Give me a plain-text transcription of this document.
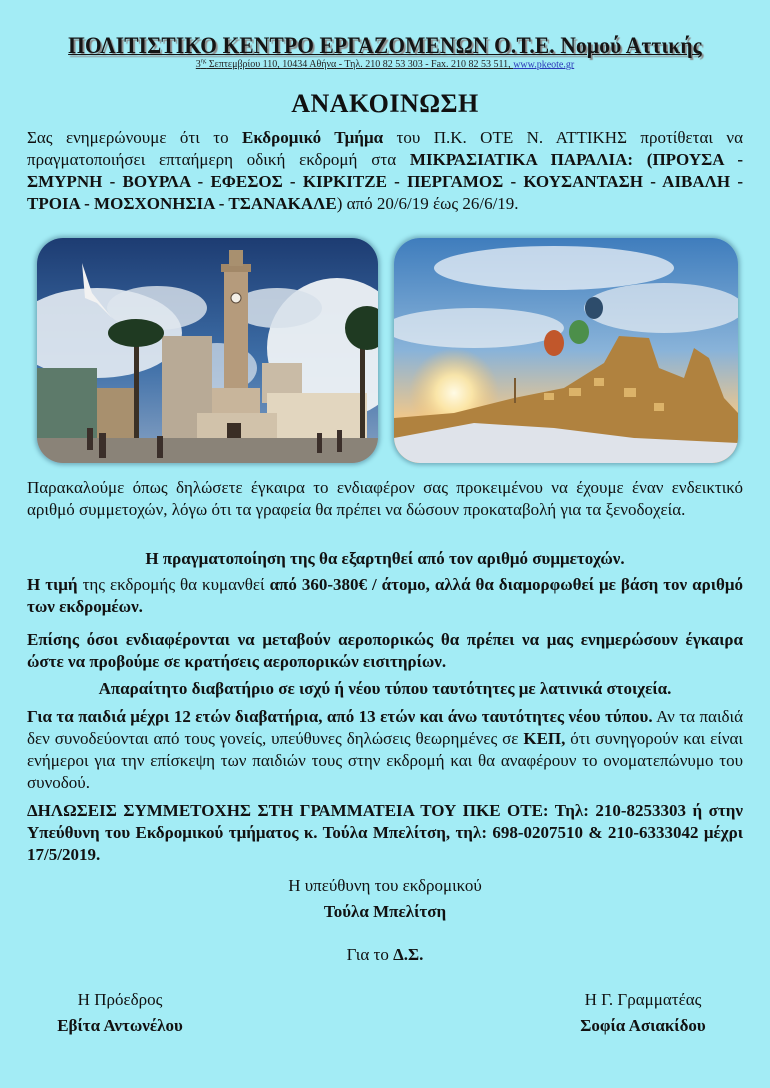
ΠΟΛΙΤΙΣΤΙΚΟ ΚΕΝΤΡΟ ΕΡΓΑΖΟΜΕΝΩΝ Ο.Τ.Ε. Νομού Αττικής
$3^{\eta\varsigma}$ Σεπτεμβρίου 110, 10434 Αθήνα - Τηλ. 210 82 53 303 - Fax. 210 82 53 511, www.pkeote.gr
ΑΝΑΚΟΙΝΩΣΗ
Σας ενημερώνουμε ότι το Εκδρομικό Τμήμα του Π.Κ. ΟΤΕ Ν. ΑΤΤΙΚΗΣ προτίθεται να πραγματοποιήσει επταήμερη οδική εκδρομή στα ΜΙΚΡΑΣΙΑΤΙΚΑ ΠΑΡΑΛΙΑ: (ΠΡΟΥΣΑ - ΣΜΥΡΝΗ - ΒΟΥΡΛΑ - ΕΦΕΣΟΣ - ΚΙΡΚΙΤΖΕ - ΠΕΡΓΑΜΟΣ - ΚΟΥΣΑΝΤΑΣΗ - ΑΙΒΑΛΗ - ΤΡΟΙΑ - ΜΟΣΧΟΝΗΣΙΑ - ΤΣΑΝΑΚΑΛΕ) από 20/6/19 έως 26/6/19.
Παρακαλούμε όπως δηλώσετε έγκαιρα το ενδιαφέρον σας προκειμένου να έχουμε έναν ενδεικτικό αριθμό συμμετοχών, λόγω ότι τα γραφεία θα πρέπει να δώσουν προκαταβολή για τα ξενοδοχεία.
Η πραγματοποίηση της θα εξαρτηθεί από τον αριθμό συμμετοχών.
Η τιμή της εκδρομής θα κυμανθεί από 360-380€ / άτομο, αλλά θα διαμορφωθεί με βάση τον αριθμό των εκδρομέων.
Επίσης όσοι ενδιαφέρονται να μεταβούν αεροπορικώς θα πρέπει να μας ενημερώσουν έγκαιρα ώστε να προβούμε σε κρατήσεις αεροπορικών εισιτηρίων.
Απαραίτητο διαβατήριο σε ισχύ ή νέου τύπου ταυτότητες με λατινικά στοιχεία.
Για τα παιδιά μέχρι 12 ετών διαβατήρια, από 13 ετών και άνω ταυτότητες νέου τύπου. Αν τα παιδιά δεν συνοδεύονται από τους γονείς, υπεύθυνες δηλώσεις θεωρημένες σε ΚΕΠ, ότι συνηγορούν και είναι ενήμεροι για την επίσκεψη των παιδιών τους στην εκδρομή και θα αναφέρουν το ονοματεπώνυμο του συνοδού.
ΔΗΛΩΣΕΙΣ ΣΥΜΜΕΤΟΧΗΣ ΣΤΗ ΓΡΑΜΜΑΤΕΙΑ ΤΟΥ ΠΚΕ ΟΤΕ: Τηλ: 210-8253303 ή στην Υπεύθυνη του Εκδρομικού τμήματος κ. Τούλα Μπελίτση, τηλ: 698-0207510 & 210-6333042 μέχρι 17/5/2019.
Η υπεύθυνη του εκδρομικού
Τούλα Μπελίτση
Για το Δ.Σ.
Η Πρόεδρος
Εβίτα Αντωνέλου
Η Γ. Γραμματέας
Σοφία Ασιακίδου
